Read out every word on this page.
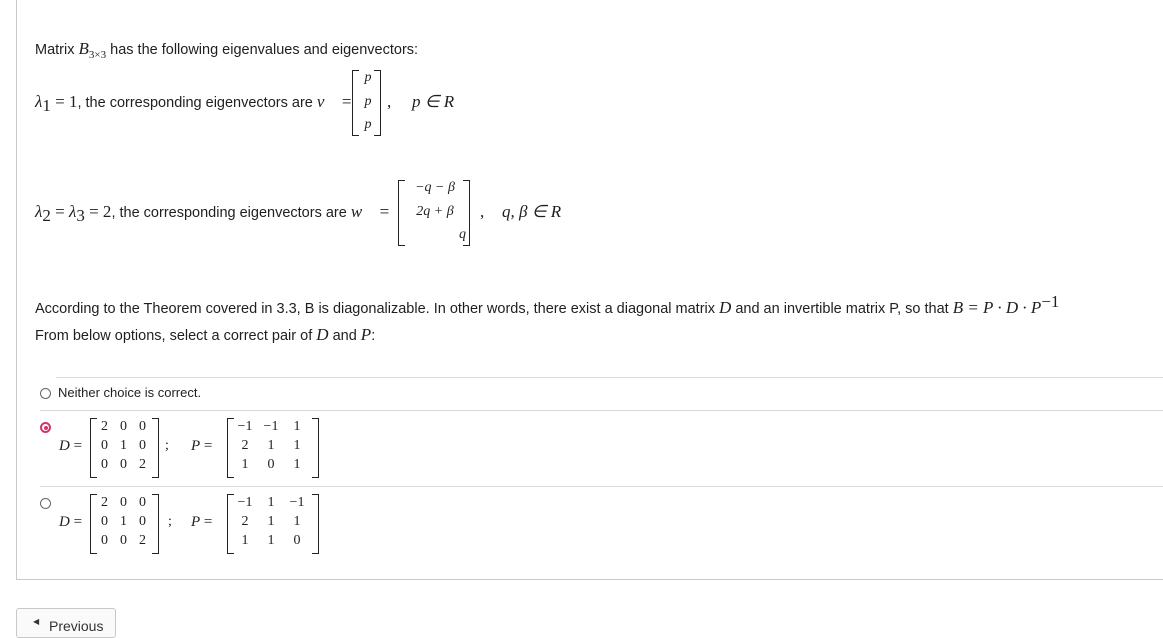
Matrix $B_{3\times 3}$ has the following eigenvalues and eigenvectors:
$\lambda_1 = 1$, the corresponding eigenvectors are v⃗ =
p
p
p
, p ∈ R
$\lambda_2 = \lambda_3 = 2$, the corresponding eigenvectors are w⃗ =
−q − β
2q + β
q
, q, β ∈ R
According to the Theorem covered in 3.3, B is diagonalizable. In other words, there exist a diagonal matrix D and an invertible matrix P, so that $B = P \cdot D \cdot P^{-1}$
From below options, select a correct pair of D and P:
Neither choice is correct.
D =
2 0 0
0 1 0
0 0 2
; P =
−1 −1	1
2	1	1
1	0	1
D =
2 0 0
0 1 0
0 0 2
; P =
−1	1	−1
2	1	1
1	1	0
◀ Previous
